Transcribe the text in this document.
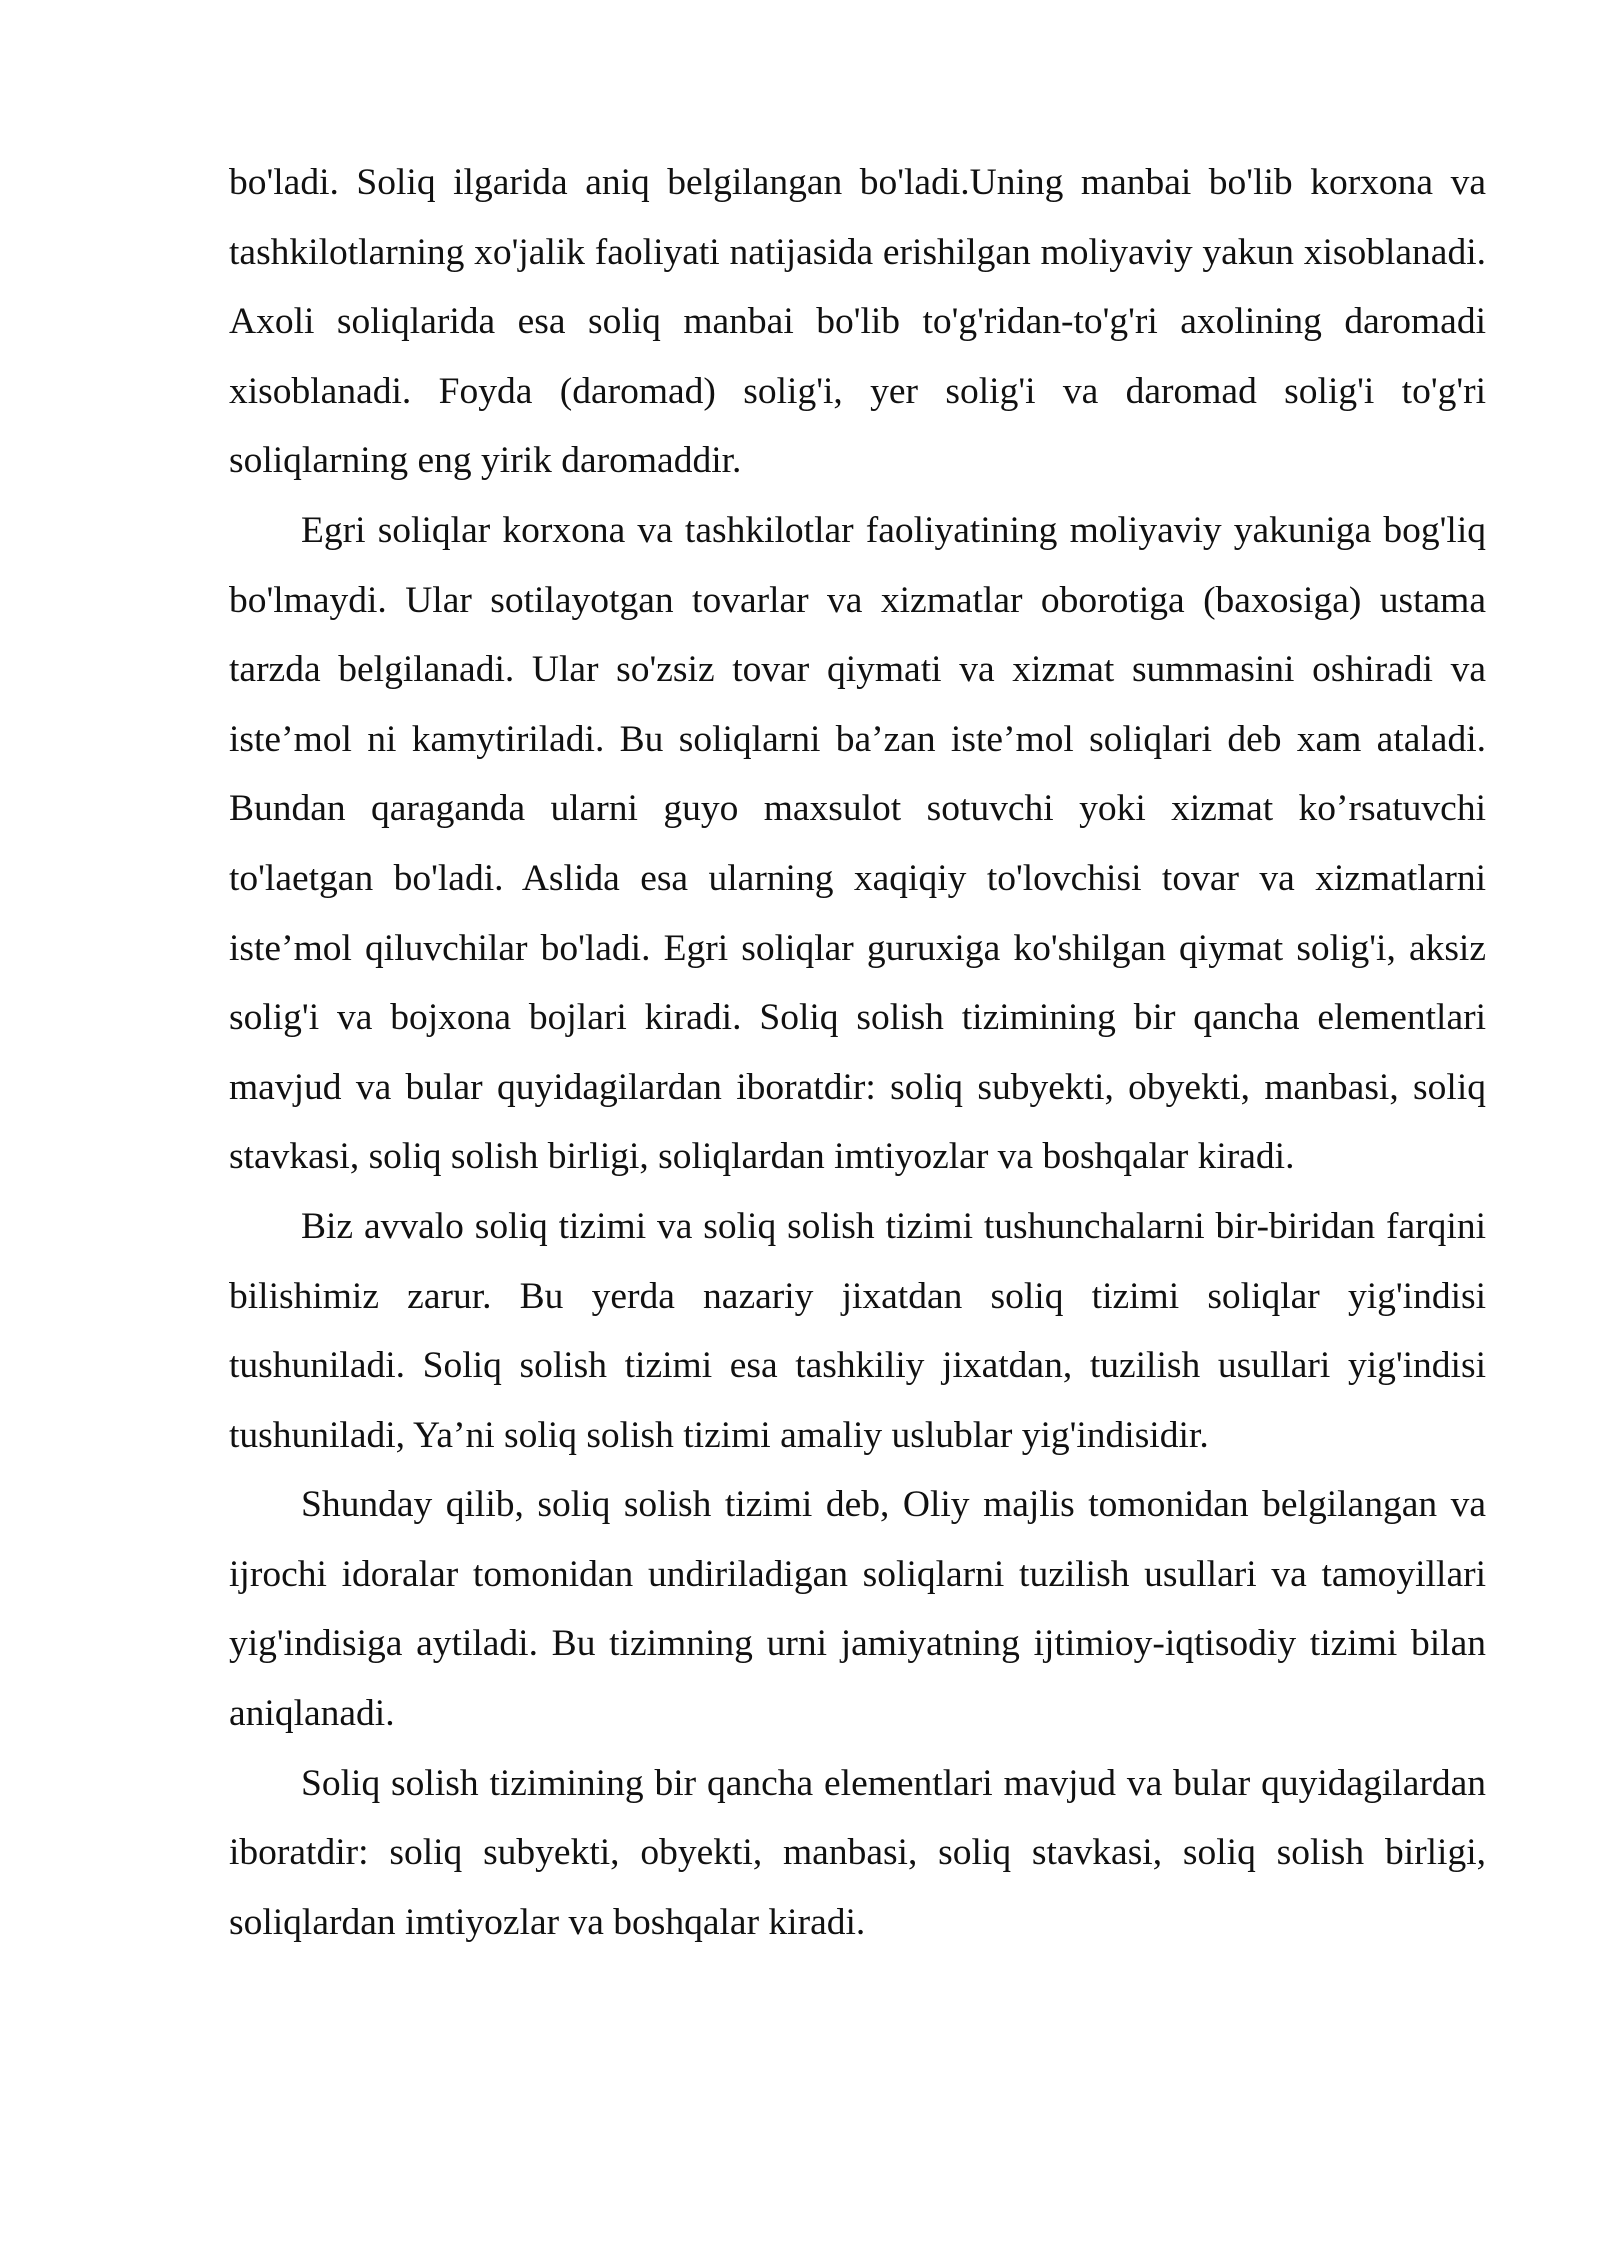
bo'ladi. Soliq ilgarida aniq belgilangan bo'ladi.Uning manbai bo'lib korxona va tashkilotlarning xo'jalik faoliyati natijasida erishilgan moliyaviy yakun xisoblanadi. Axoli soliqlarida esa soliq manbai bo'lib to'g'ridan-to'g'ri axolining daromadi xisoblanadi. Foyda (daromad) solig'i, yer solig'i va daromad solig'i to'g'ri soliqlarning eng yirik daromaddir.

Egri soliqlar korxona va tashkilotlar faoliyatining moliyaviy yakuniga bog'liq bo'lmaydi. Ular sotilayotgan tovarlar va xizmatlar oborotiga (baxosiga) ustama tarzda belgilanadi. Ular so'zsiz tovar qiymati va xizmat summasini oshiradi va iste’mol ni kamytiriladi. Bu soliqlarni ba’zan iste’mol soliqlari deb xam ataladi. Bundan qaraganda ularni guyo maxsulot sotuvchi yoki xizmat ko’rsatuvchi to'laetgan bo'ladi. Aslida esa ularning xaqiqiy to'lovchisi tovar va xizmatlarni iste’mol qiluvchilar bo'ladi. Egri soliqlar guruxiga ko'shilgan qiymat solig'i, aksiz solig'i va bojxona bojlari kiradi. Soliq solish tizimining bir qancha elementlari mavjud va bular quyidagilardan iboratdir: soliq subyekti, obyekti, manbasi, soliq stavkasi, soliq solish birligi, soliqlardan imtiyozlar va boshqalar kiradi.

Biz avvalo soliq tizimi va soliq solish tizimi tushunchalarni bir-biridan farqini bilishimiz zarur. Bu yerda nazariy jixatdan soliq tizimi soliqlar yig'indisi tushuniladi. Soliq solish tizimi esa tashkiliy jixatdan, tuzilish usullari yig'indisi tushuniladi, Ya’ni soliq solish tizimi amaliy uslublar yig'indisidir.

Shunday qilib, soliq solish tizimi deb, Oliy majlis tomonidan belgilangan va ijrochi idoralar tomonidan undiriladigan soliqlarni tuzilish usullari va tamoyillari yig'indisiga aytiladi. Bu tizimning urni jamiyatning ijtimioy-iqtisodiy tizimi bilan aniqlanadi.

Soliq solish tizimining bir qancha elementlari mavjud va bular quyidagilardan iboratdir: soliq subyekti, obyekti, manbasi, soliq stavkasi, soliq solish birligi, soliqlardan imtiyozlar va boshqalar kiradi.
